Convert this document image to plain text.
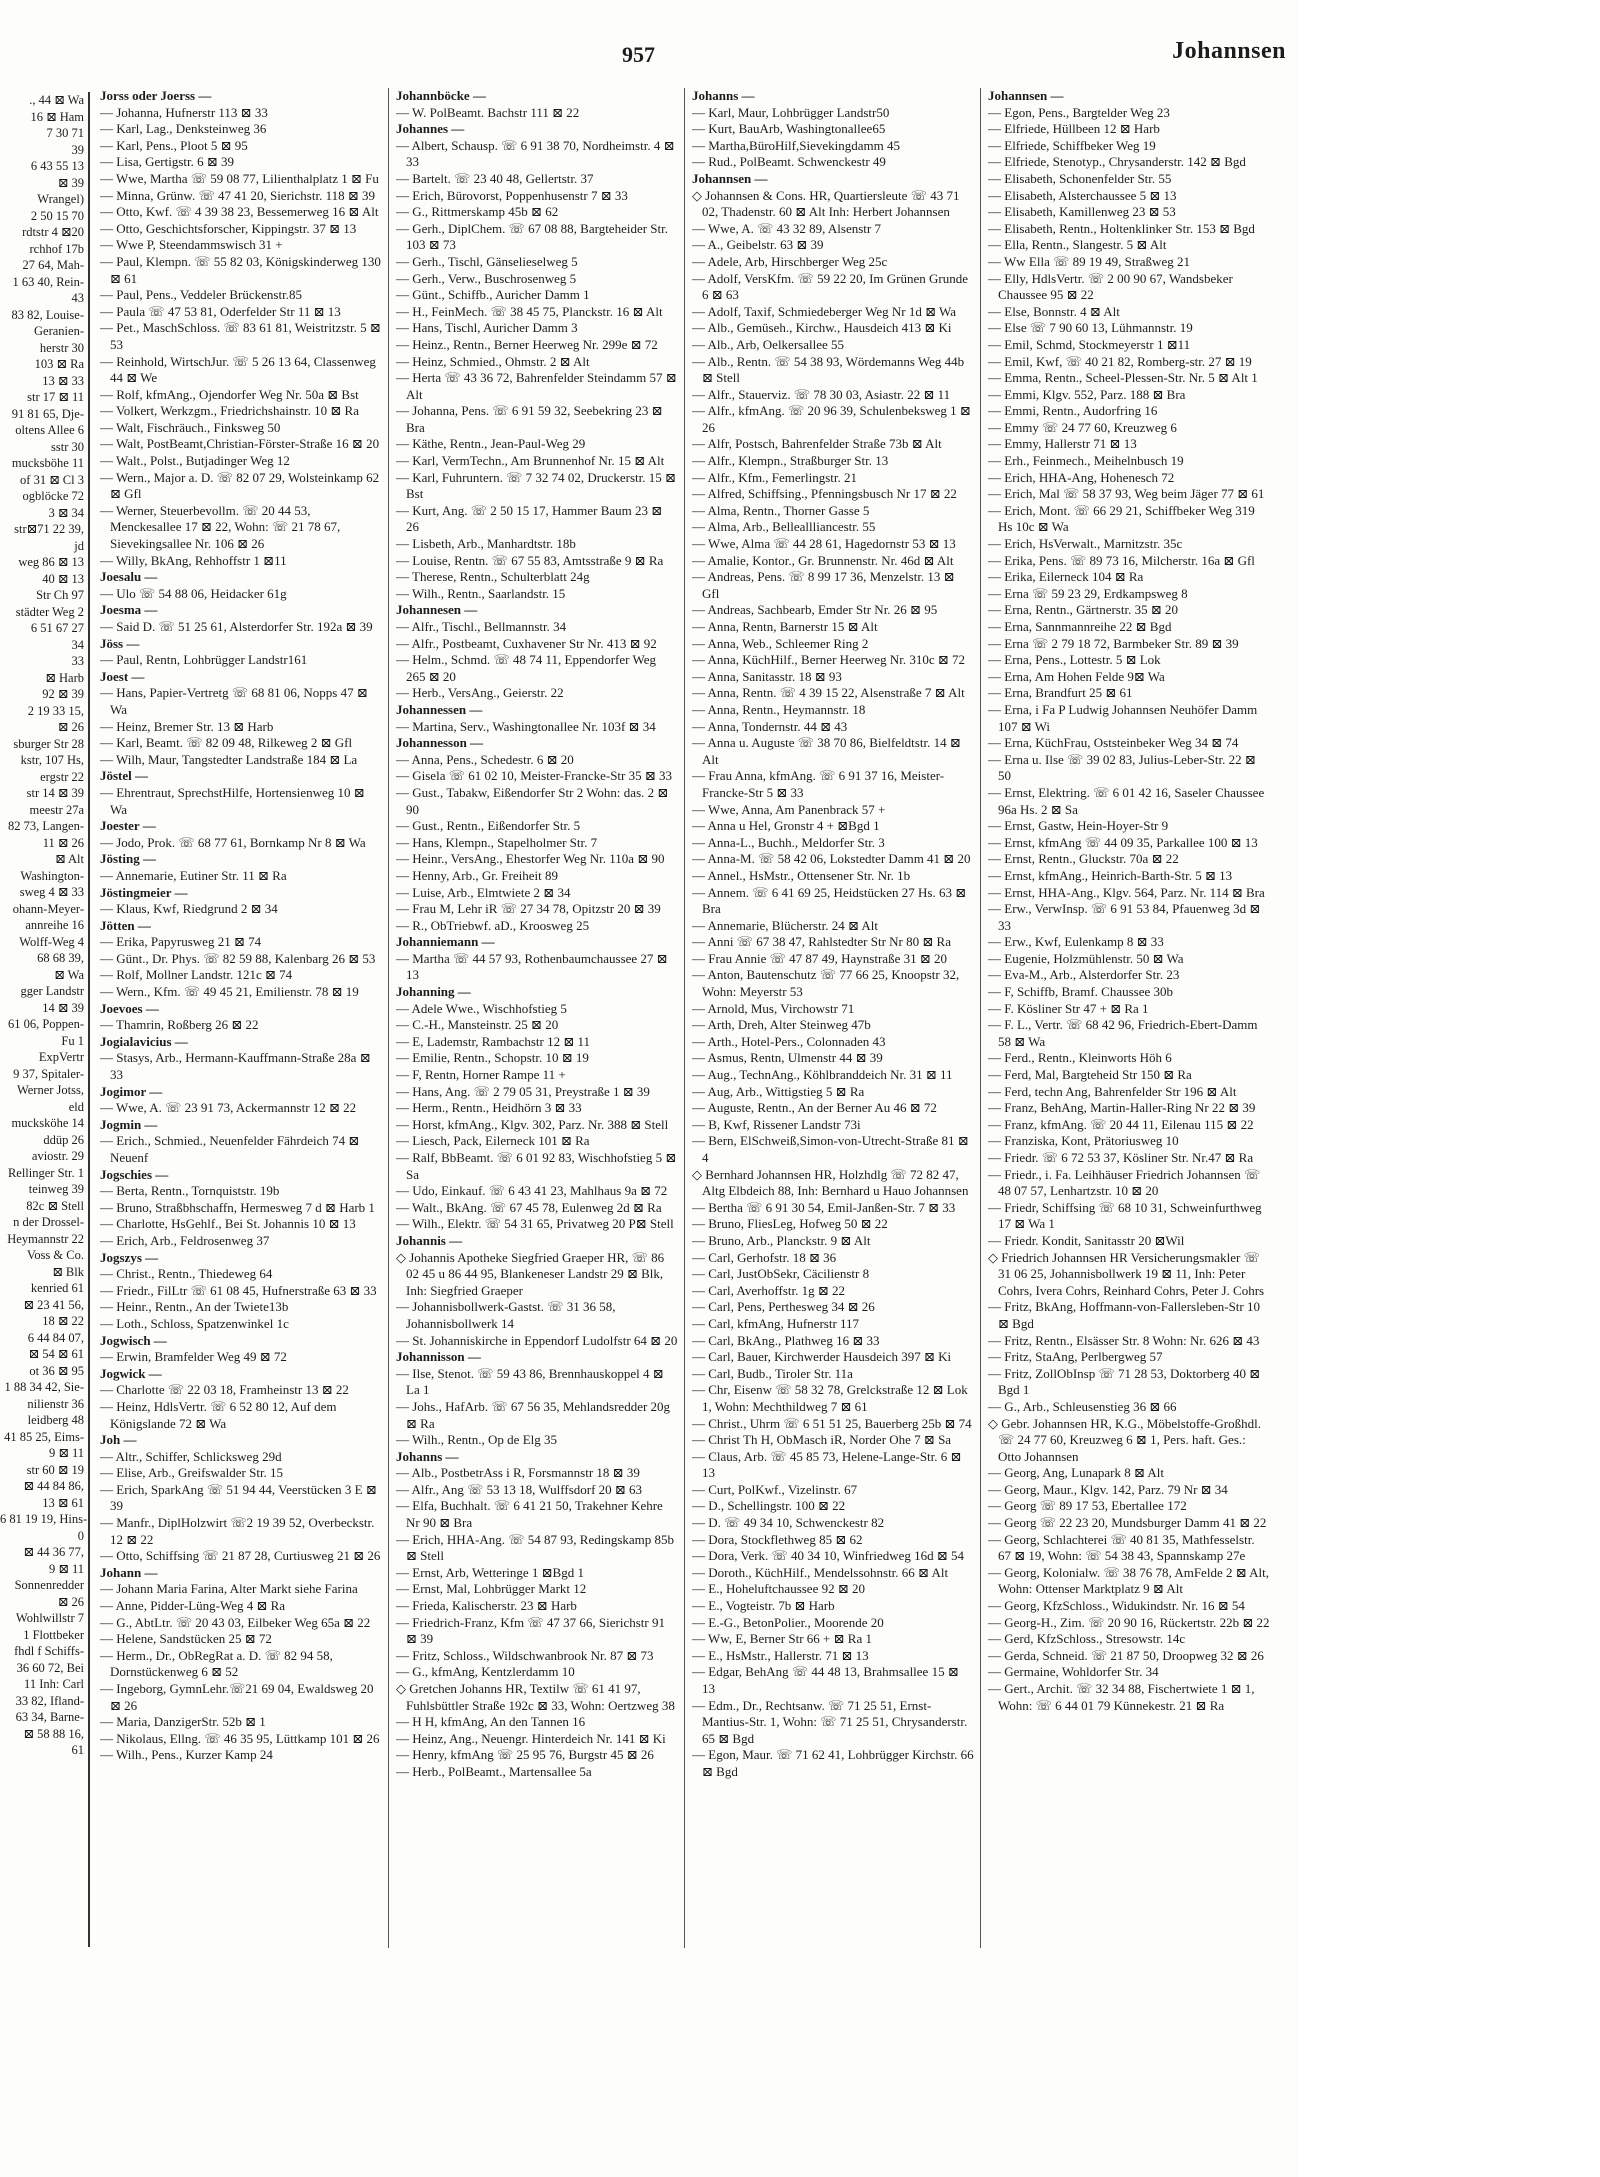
., 44 ⊠ Wa
16 ⊠ Ham
7 30 71
39
6 43 55 13
⊠ 39
Wrangel)
2 50 15 70
rdtstr 4 ⊠20
rchhof 17b
27 64, Mah-
1 63 40, Rein-
43
83 82, Louise-
Geranien-
herstr 30
103 ⊠ Ra
13 ⊠ 33
str 17 ⊠ 11
91 81 65, Dje-
oltens Allee 6
sstr 30
mucksböhe 11
of 31 ⊠ Cl 3
ogblöcke 72
3 ⊠ 34
str⊠71 22 39,
jd
weg 86 ⊠ 13
40 ⊠ 13
Str Ch 97
städter Weg 2
6 51 67 27
34
33
⊠ Harb
92 ⊠ 39
2 19 33 15,
⊠ 26
sburger Str 28
kstr, 107 Hs,
ergstr 22
str 14 ⊠ 39
meestr 27a
82 73, Langen-
11 ⊠ 26
⊠ Alt
Washington-
sweg 4 ⊠ 33
ohann-Meyer-
annreihe 16
Wolff-Weg 4
68 68 39,
⊠ Wa
gger Landstr
14 ⊠ 39
61 06, Poppen-
Fu 1
ExpVertr
9 37, Spitaler-
Werner Jotss,
eld
mucksköhe 14
ddüp 26
aviostr. 29
Rellinger Str. 1
teinweg 39
82c ⊠ Stell
n der Drossel-
Heymannstr 22
Voss & Co.
⊠ Blk
kenried 61
⊠ 23 41 56,
18 ⊠ 22
6 44 84 07,
⊠ 54 ⊠ 61
ot 36 ⊠ 95
1 88 34 42, Sie-
nilienstr 36
leidberg 48
41 85 25, Eims-
9 ⊠ 11
str 60 ⊠ 19
⊠ 44 84 86,
13 ⊠ 61
6 81 19 19, Hins-
0
⊠ 44 36 77,
9 ⊠ 11
Sonnenredder
⊠ 26
Wohlwillstr 7
1 Flottbeker
fhdl f Schiffs-
36 60 72, Bei
11 Inh: Carl
33 82, Ifland-
63 34, Barne-
⊠ 58 88 16,
61
957	Johannsen

Jorss oder Joerss —

— Johanna, Hufnerstr 113 ⊠ 33

— Karl, Lag., Denksteinweg 36

— Karl, Pens., Ploot 5 ⊠ 95

— Lisa, Gertigstr. 6 ⊠ 39

— Wwe, Martha ☏ 59 08 77, Lilienthalplatz 1 ⊠ Fu

— Minna, Grünw. ☏ 47 41 20, Sierichstr. 118 ⊠ 39

— Otto, Kwf. ☏ 4 39 38 23, Bessemerweg 16 ⊠ Alt

— Otto, Geschichtsforscher, Kippingstr. 37 ⊠ 13

— Wwe P, Steendammswisch 31 +

— Paul, Klempn. ☏ 55 82 03, Königskinderweg 130 ⊠ 61

— Paul, Pens., Veddeler Brückenstr.85

— Paula ☏ 47 53 81, Oderfelder Str 11 ⊠ 13

— Pet., MaschSchloss. ☏ 83 61 81, Weistritzstr. 5 ⊠ 53

— Reinhold, WirtschJur. ☏ 5 26 13 64, Classenweg 44 ⊠ We

— Rolf, kfmAng., Ojendorfer Weg Nr. 50a ⊠ Bst

— Volkert, Werkzgm., Friedrichshainstr. 10 ⊠ Ra

— Walt, Fischräuch., Finksweg 50

— Walt, PostBeamt,Christian-Förster-Straße 16 ⊠ 20

— Walt., Polst., Butjadinger Weg 12

— Wern., Major a. D. ☏ 82 07 29, Wolsteinkamp 62 ⊠ Gfl

— Werner, Steuerbevollm. ☏ 20 44 53, Menckesallee 17 ⊠ 22, Wohn: ☏ 21 78 67, Sievekingsallee Nr. 106 ⊠ 26

— Willy, BkAng, Rehhoffstr 1 ⊠11

Joesalu —

— Ulo ☏ 54 88 06, Heidacker 61g

Joesma —

— Said D. ☏ 51 25 61, Alsterdorfer Str. 192a ⊠ 39

Jöss —

— Paul, Rentn, Lohbrügger Landstr161

Joest —

— Hans, Papier-Vertretg ☏ 68 81 06, Nopps 47 ⊠ Wa

— Heinz, Bremer Str. 13 ⊠ Harb

— Karl, Beamt. ☏ 82 09 48, Rilkeweg 2 ⊠ Gfl

— Wilh, Maur, Tangstedter Landstraße 184 ⊠ La

Jöstel —

— Ehrentraut, SprechstHilfe, Hortensienweg 10 ⊠ Wa

Joester —

— Jodo, Prok. ☏ 68 77 61, Bornkamp Nr 8 ⊠ Wa

Jösting —

— Annemarie, Eutiner Str. 11 ⊠ Ra

Jöstingmeier —

— Klaus, Kwf, Riedgrund 2 ⊠ 34

Jötten —

— Erika, Papyrusweg 21 ⊠ 74

— Günt., Dr. Phys. ☏ 82 59 88, Kalenbarg 26 ⊠ 53

— Rolf, Mollner Landstr. 121c ⊠ 74

— Wern., Kfm. ☏ 49 45 21, Emilienstr. 78 ⊠ 19

Joevoes —

— Thamrin, Roßberg 26 ⊠ 22

Jogialavicius —

— Stasys, Arb., Hermann-Kauffmann-Straße 28a ⊠ 33

Jogimor —

— Wwe, A. ☏ 23 91 73, Ackermannstr 12 ⊠ 22

Jogmin —

— Erich., Schmied., Neuenfelder Fährdeich 74 ⊠ Neuenf

Jogschies —

— Berta, Rentn., Tornquiststr. 19b

— Bruno, Straßbhschaffn, Hermesweg 7 d ⊠ Harb 1

— Charlotte, HsGehlf., Bei St. Johannis 10 ⊠ 13

— Erich, Arb., Feldrosenweg 37

Jogszys —

— Christ., Rentn., Thiedeweg 64

— Friedr., FilLtr ☏ 61 08 45, Hufnerstraße 63 ⊠ 33

— Heinr., Rentn., An der Twiete13b

— Loth., Schloss, Spatzenwinkel 1c

Jogwisch —

— Erwin, Bramfelder Weg 49 ⊠ 72

Jogwick —

— Charlotte ☏ 22 03 18, Framheinstr 13 ⊠ 22

— Heinz, HdlsVertr. ☏ 6 52 80 12, Auf dem Königslande 72 ⊠ Wa

Joh —

— Altr., Schiffer, Schlicksweg 29d

— Elise, Arb., Greifswalder Str. 15

— Erich, SparkAng ☏ 51 94 44, Veerstücken 3 E ⊠ 39

— Manfr., DiplHolzwirt ☏2 19 39 52, Overbeckstr. 12 ⊠ 22

— Otto, Schiffsing ☏ 21 87 28, Curtiusweg 21 ⊠ 26

Johann —

— Johann Maria Farina, Alter Markt siehe Farina

— Anne, Pidder-Lüng-Weg 4 ⊠ Ra

— G., AbtLtr. ☏ 20 43 03, Eilbeker Weg 65a ⊠ 22

— Helene, Sandstücken 25 ⊠ 72

— Herm., Dr., ObRegRat a. D. ☏ 82 94 58, Dornstückenweg 6 ⊠ 52

— Ingeborg, GymnLehr.☏21 69 04, Ewaldsweg 20 ⊠ 26

— Maria, DanzigerStr. 52b ⊠ 1

— Nikolaus, Ellng. ☏ 46 35 95, Lüttkamp 101 ⊠ 26

— Wilh., Pens., Kurzer Kamp 24

Johannböcke —

— W. PolBeamt. Bachstr 111 ⊠ 22

Johannes —

— Albert, Schausp. ☏ 6 91 38 70, Nordheimstr. 4 ⊠ 33

— Bartelt. ☏ 23 40 48, Gellertstr. 37

— Erich, Bürovorst, Poppenhusenstr 7 ⊠ 33

— G., Rittmerskamp 45b ⊠ 62

— Gerh., DiplChem. ☏ 67 08 88, Bargteheider Str. 103 ⊠ 73

— Gerh., Tischl, Gänselieselweg 5

— Gerh., Verw., Buschrosenweg 5

— Günt., Schiffb., Auricher Damm 1

— H., FeinMech. ☏ 38 45 75, Planckstr. 16 ⊠ Alt

— Hans, Tischl, Auricher Damm 3

— Heinz., Rentn., Berner Heerweg Nr. 299e ⊠ 72

— Heinz, Schmied., Ohmstr. 2 ⊠ Alt

— Herta ☏ 43 36 72, Bahrenfelder Steindamm 57 ⊠ Alt

— Johanna, Pens. ☏ 6 91 59 32, Seebekring 23 ⊠ Bra

— Käthe, Rentn., Jean-Paul-Weg 29

— Karl, VermTechn., Am Brunnenhof Nr. 15 ⊠ Alt

— Karl, Fuhruntern. ☏ 7 32 74 02, Druckerstr. 15 ⊠ Bst

— Kurt, Ang. ☏ 2 50 15 17, Hammer Baum 23 ⊠ 26

— Lisbeth, Arb., Manhardtstr. 18b

— Louise, Rentn. ☏ 67 55 83, Amtsstraße 9 ⊠ Ra

— Therese, Rentn., Schulterblatt 24g

— Wilh., Rentn., Saarlandstr. 15

Johannesen —

— Alfr., Tischl., Bellmannstr. 34

— Alfr., Postbeamt, Cuxhavener Str Nr. 413 ⊠ 92

— Helm., Schmd. ☏ 48 74 11, Eppendorfer Weg 265 ⊠ 20

— Herb., VersAng., Geierstr. 22

Johannessen —

— Martina, Serv., Washingtonallee Nr. 103f ⊠ 34

Johannesson —

— Anna, Pens., Schedestr. 6 ⊠ 20

— Gisela ☏ 61 02 10, Meister-Francke-Str 35 ⊠ 33

— Gust., Tabakw, Eißendorfer Str 2 Wohn: das. 2 ⊠ 90

— Gust., Rentn., Eißendorfer Str. 5

— Hans, Klempn., Stapelholmer Str. 7

— Heinr., VersAng., Ehestorfer Weg Nr. 110a ⊠ 90

— Henny, Arb., Gr. Freiheit 89

— Luise, Arb., Elmtwiete 2 ⊠ 34

— Frau M, Lehr iR ☏ 27 34 78, Opitzstr 20 ⊠ 39

— R., ObTriebwf. aD., Kroosweg 25

Johanniemann —

— Martha ☏ 44 57 93, Rothenbaumchaussee 27 ⊠ 13

Johanning —

— Adele Wwe., Wischhofstieg 5

— C.-H., Mansteinstr. 25 ⊠ 20

— E, Lademstr, Rambachstr 12 ⊠ 11

— Emilie, Rentn., Schopstr. 10 ⊠ 19

— F, Rentn, Horner Rampe 11 +

— Hans, Ang. ☏ 2 79 05 31, Preystraße 1 ⊠ 39

— Herm., Rentn., Heidhörn 3 ⊠ 33

— Horst, kfmAng., Klgv. 302, Parz. Nr. 388 ⊠ Stell

— Liesch, Pack, Eilerneck 101 ⊠ Ra

— Ralf, BbBeamt. ☏ 6 01 92 83, Wischhofstieg 5 ⊠ Sa

— Udo, Einkauf. ☏ 6 43 41 23, Mahlhaus 9a ⊠ 72

— Walt., BkAng. ☏ 67 45 78, Eulenweg 2d ⊠ Ra

— Wilh., Elektr. ☏ 54 31 65, Privatweg 20 P⊠ Stell

Johannis —

◇ Johannis Apotheke Siegfried Graeper HR, ☏ 86 02 45 u 86 44 95, Blankeneser Landstr 29 ⊠ Blk, Inh: Siegfried Graeper

— Johannisbollwerk-Gastst. ☏ 31 36 58, Johannisbollwerk 14

— St. Johanniskirche in Eppendorf Ludolfstr 64 ⊠ 20

Johannisson —

— Ilse, Stenot. ☏ 59 43 86, Brennhauskoppel 4 ⊠ La 1

— Johs., HafArb. ☏ 67 56 35, Mehlandsredder 20g ⊠ Ra

— Wilh., Rentn., Op de Elg 35

Johanns —

— Alb., PostbetrAss i R, Forsmannstr 18 ⊠ 39

— Alfr., Ang ☏ 53 13 18, Wulffsdorf 20 ⊠ 63

— Elfa, Buchhalt. ☏ 6 41 21 50, Trakehner Kehre Nr 90 ⊠ Bra

— Erich, HHA-Ang. ☏ 54 87 93, Redingskamp 85b ⊠ Stell

— Ernst, Arb, Wetteringe 1 ⊠Bgd 1

— Ernst, Mal, Lohbrügger Markt 12

— Frieda, Kalischerstr. 23 ⊠ Harb

— Friedrich-Franz, Kfm ☏ 47 37 66, Sierichstr 91 ⊠ 39

— Fritz, Schloss., Wildschwanbrook Nr. 87 ⊠ 73

— G., kfmAng, Kentzlerdamm 10

◇ Gretchen Johanns HR, Textilw ☏ 61 41 97, Fuhlsbüttler Straße 192c ⊠ 33, Wohn: Oertzweg 38

— H H, kfmAng, An den Tannen 16

— Heinz, Ang., Neuengr. Hinterdeich Nr. 141 ⊠ Ki

— Henry, kfmAng ☏ 25 95 76, Burgstr 45 ⊠ 26

— Herb., PolBeamt., Martensallee 5a

Johanns —

— Karl, Maur, Lohbrügger Landstr50

— Kurt, BauArb, Washingtonallee65

— Martha,BüroHilf,Sievekingdamm 45

— Rud., PolBeamt. Schwenckestr 49

Johannsen —

◇ Johannsen & Cons. HR, Quartiersleute ☏ 43 71 02, Thadenstr. 60 ⊠ Alt Inh: Herbert Johannsen

— Wwe, A. ☏ 43 32 89, Alsenstr 7

— A., Geibelstr. 63 ⊠ 39

— Adele, Arb, Hirschberger Weg 25c

— Adolf, VersKfm. ☏ 59 22 20, Im Grünen Grunde 6 ⊠ 63

— Adolf, Taxif, Schmiedeberger Weg Nr 1d ⊠ Wa

— Alb., Gemüseh., Kirchw., Hausdeich 413 ⊠ Ki

— Alb., Arb, Oelkersallee 55

— Alb., Rentn. ☏ 54 38 93, Wördemanns Weg 44b ⊠ Stell

— Alfr., Stauerviz. ☏ 78 30 03, Asiastr. 22 ⊠ 11

— Alfr., kfmAng. ☏ 20 96 39, Schulenbeksweg 1 ⊠ 26

— Alfr, Postsch, Bahrenfelder Straße 73b ⊠ Alt

— Alfr., Klempn., Straßburger Str. 13

— Alfr., Kfm., Femerlingstr. 21

— Alfred, Schiffsing., Pfenningsbusch Nr 17 ⊠ 22

— Alma, Rentn., Thorner Gasse 5

— Alma, Arb., Belleallliancestr. 55

— Wwe, Alma ☏ 44 28 61, Hagedornstr 53 ⊠ 13

— Amalie, Kontor., Gr. Brunnenstr. Nr. 46d ⊠ Alt

— Andreas, Pens. ☏ 8 99 17 36, Menzelstr. 13 ⊠ Gfl

— Andreas, Sachbearb, Emder Str Nr. 26 ⊠ 95

— Anna, Rentn, Barnerstr 15 ⊠ Alt

— Anna, Web., Schleemer Ring 2

— Anna, KüchHilf., Berner Heerweg Nr. 310c ⊠ 72

— Anna, Sanitasstr. 18 ⊠ 93

— Anna, Rentn. ☏ 4 39 15 22, Alsenstraße 7 ⊠ Alt

— Anna, Rentn., Heymannstr. 18

— Anna, Tondernstr. 44 ⊠ 43

— Anna u. Auguste ☏ 38 70 86, Bielfeldtstr. 14 ⊠ Alt

— Frau Anna, kfmAng. ☏ 6 91 37 16, Meister-Francke-Str 5 ⊠ 33

— Wwe, Anna, Am Panenbrack 57 +

— Anna u Hel, Gronstr 4 + ⊠Bgd 1

— Anna-L., Buchh., Meldorfer Str. 3

— Anna-M. ☏ 58 42 06, Lokstedter Damm 41 ⊠ 20

— Annel., HsMstr., Ottensener Str. Nr. 1b

— Annem. ☏ 6 41 69 25, Heidstücken 27 Hs. 63 ⊠ Bra

— Annemarie, Blücherstr. 24 ⊠ Alt

— Anni ☏ 67 38 47, Rahlstedter Str Nr 80 ⊠ Ra

— Frau Annie ☏ 47 87 49, Haynstraße 31 ⊠ 20

— Anton, Bautenschutz ☏ 77 66 25, Knoopstr 32, Wohn: Meyerstr 53

— Arnold, Mus, Virchowstr 71

— Arth, Dreh, Alter Steinweg 47b

— Arth., Hotel-Pers., Colonnaden 43

— Asmus, Rentn, Ulmenstr 44 ⊠ 39

— Aug., TechnAng., Köhlbranddeich Nr. 31 ⊠ 11

— Aug, Arb., Wittigstieg 5 ⊠ Ra

— Auguste, Rentn., An der Berner Au 46 ⊠ 72

— B, Kwf, Rissener Landstr 73i

— Bern, ElSchweiß,Simon-von-Utrecht-Straße 81 ⊠ 4

◇ Bernhard Johannsen HR, Holzhdlg ☏ 72 82 47, Altg Elbdeich 88, Inh: Bernhard u Hauo Johannsen

— Bertha ☏ 6 91 30 54, Emil-Janßen-Str. 7 ⊠ 33

— Bruno, FliesLeg, Hofweg 50 ⊠ 22

— Bruno, Arb., Planckstr. 9 ⊠ Alt

— Carl, Gerhofstr. 18 ⊠ 36

— Carl, JustObSekr, Cäcilienstr 8

— Carl, Averhoffstr. 1g ⊠ 22

— Carl, Pens, Perthesweg 34 ⊠ 26

— Carl, kfmAng, Hufnerstr 117

— Carl, BkAng., Plathweg 16 ⊠ 33

— Carl, Bauer, Kirchwerder Hausdeich 397 ⊠ Ki

— Carl, Budb., Tiroler Str. 11a

— Chr, Eisenw ☏ 58 32 78, Grelckstraße 12 ⊠ Lok 1, Wohn: Mechthildweg 7 ⊠ 61

— Christ., Uhrm ☏ 6 51 51 25, Bauerberg 25b ⊠ 74

— Christ Th H, ObMasch iR, Norder Ohe 7 ⊠ Sa

— Claus, Arb. ☏ 45 85 73, Helene-Lange-Str. 6 ⊠ 13

— Curt, PolKwf., Vizelinstr. 67

— D., Schellingstr. 100 ⊠ 22

— D. ☏ 49 34 10, Schwenckestr 82

— Dora, Stockflethweg 85 ⊠ 62

— Dora, Verk. ☏ 40 34 10, Winfriedweg 16d ⊠ 54

— Doroth., KüchHilf., Mendelssohnstr. 66 ⊠ Alt

— E., Hoheluftchaussee 92 ⊠ 20

— E., Vogteistr. 7b ⊠ Harb

— E.-G., BetonPolier., Moorende 20

— Ww, E, Berner Str 66 + ⊠ Ra 1

— E., HsMstr., Hallerstr. 71 ⊠ 13

— Edgar, BehAng ☏ 44 48 13, Brahmsallee 15 ⊠ 13

— Edm., Dr., Rechtsanw. ☏ 71 25 51, Ernst-Mantius-Str. 1, Wohn: ☏ 71 25 51, Chrysanderstr. 65 ⊠ Bgd

— Egon, Maur. ☏ 71 62 41, Lohbrügger Kirchstr. 66 ⊠ Bgd

Johannsen —

— Egon, Pens., Bargtelder Weg 23

— Elfriede, Hüllbeen 12 ⊠ Harb

— Elfriede, Schiffbeker Weg 19

— Elfriede, Stenotyp., Chrysanderstr. 142 ⊠ Bgd

— Elisabeth, Schonenfelder Str. 55

— Elisabeth, Alsterchaussee 5 ⊠ 13

— Elisabeth, Kamillenweg 23 ⊠ 53

— Elisabeth, Rentn., Holtenklinker Str. 153 ⊠ Bgd

— Ella, Rentn., Slangestr. 5 ⊠ Alt

— Ww Ella ☏ 89 19 49, Straßweg 21

— Elly, HdlsVertr. ☏ 2 00 90 67, Wandsbeker Chaussee 95 ⊠ 22

— Else, Bonnstr. 4 ⊠ Alt

— Else ☏ 7 90 60 13, Lühmannstr. 19

— Emil, Schmd, Stockmeyerstr 1 ⊠11

— Emil, Kwf, ☏ 40 21 82, Romberg-str. 27 ⊠ 19

— Emma, Rentn., Scheel-Plessen-Str. Nr. 5 ⊠ Alt 1

— Emmi, Klgv. 552, Parz. 188 ⊠ Bra

— Emmi, Rentn., Audorfring 16

— Emmy ☏ 24 77 60, Kreuzweg 6

— Emmy, Hallerstr 71 ⊠ 13

— Erh., Feinmech., Meihelnbusch 19

— Erich, HHA-Ang, Hohenesch 72

— Erich, Mal ☏ 58 37 93, Weg beim Jäger 77 ⊠ 61

— Erich, Mont. ☏ 66 29 21, Schiffbeker Weg 319 Hs 10c ⊠ Wa

— Erich, HsVerwalt., Marnitzstr. 35c

— Erika, Pens. ☏ 89 73 16, Milcherstr. 16a ⊠ Gfl

— Erika, Eilerneck 104 ⊠ Ra

— Erna ☏ 59 23 29, Erdkampsweg 8

— Erna, Rentn., Gärtnerstr. 35 ⊠ 20

— Erna, Sannmannreihe 22 ⊠ Bgd

— Erna ☏ 2 79 18 72, Barmbeker Str. 89 ⊠ 39

— Erna, Pens., Lottestr. 5 ⊠ Lok

— Erna, Am Hohen Felde 9⊠ Wa

— Erna, Brandfurt 25 ⊠ 61

— Erna, i Fa P Ludwig Johannsen Neuhöfer Damm 107 ⊠ Wi

— Erna, KüchFrau, Oststeinbeker Weg 34 ⊠ 74

— Erna u. Ilse ☏ 39 02 83, Julius-Leber-Str. 22 ⊠ 50

— Ernst, Elektring. ☏ 6 01 42 16, Saseler Chaussee 96a Hs. 2 ⊠ Sa

— Ernst, Gastw, Hein-Hoyer-Str 9

— Ernst, kfmAng ☏ 44 09 35, Parkallee 100 ⊠ 13

— Ernst, Rentn., Gluckstr. 70a ⊠ 22

— Ernst, kfmAng., Heinrich-Barth-Str. 5 ⊠ 13

— Ernst, HHA-Ang., Klgv. 564, Parz. Nr. 114 ⊠ Bra

— Erw., VerwInsp. ☏ 6 91 53 84, Pfauenweg 3d ⊠ 33

— Erw., Kwf, Eulenkamp 8 ⊠ 33

— Eugenie, Holzmühlenstr. 50 ⊠ Wa

— Eva-M., Arb., Alsterdorfer Str. 23

— F, Schiffb, Bramf. Chaussee 30b

— F. Kösliner Str 47 + ⊠ Ra 1

— F. L., Vertr. ☏ 68 42 96, Friedrich-Ebert-Damm 58 ⊠ Wa

— Ferd., Rentn., Kleinworts Höh 6

— Ferd, Mal, Bargteheid Str 150 ⊠ Ra

— Ferd, techn Ang, Bahrenfelder Str 196 ⊠ Alt

— Franz, BehAng, Martin-Haller-Ring Nr 22 ⊠ 39

— Franz, kfmAng. ☏ 20 44 11, Eilenau 115 ⊠ 22

— Franziska, Kont, Prätoriusweg 10

— Friedr. ☏ 6 72 53 37, Kösliner Str. Nr.47 ⊠ Ra

— Friedr., i. Fa. Leihhäuser Friedrich Johannsen ☏ 48 07 57, Lenhartzstr. 10 ⊠ 20

— Friedr, Schiffsing ☏ 68 10 31, Schweinfurthweg 17 ⊠ Wa 1

— Friedr. Kondit, Sanitasstr 20 ⊠Wil

◇ Friedrich Johannsen HR Versicherungsmakler ☏ 31 06 25, Johannisbollwerk 19 ⊠ 11, Inh: Peter Cohrs, Ivera Cohrs, Reinhard Cohrs, Peter J. Cohrs

— Fritz, BkAng, Hoffmann-von-Fallersleben-Str 10 ⊠ Bgd

— Fritz, Rentn., Elsässer Str. 8 Wohn: Nr. 626 ⊠ 43

— Fritz, StaAng, Perlbergweg 57

— Fritz, ZollObInsp ☏ 71 28 53, Doktorberg 40 ⊠ Bgd 1

— G., Arb., Schleusenstieg 36 ⊠ 66

◇ Gebr. Johannsen HR, K.G., Möbelstoffe-Großhdl. ☏ 24 77 60, Kreuzweg 6 ⊠ 1, Pers. haft. Ges.: Otto Johannsen

— Georg, Ang, Lunapark 8 ⊠ Alt

— Georg, Maur., Klgv. 142, Parz. 79 Nr ⊠ 34

— Georg ☏ 89 17 53, Ebertallee 172

— Georg ☏ 22 23 20, Mundsburger Damm 41 ⊠ 22

— Georg, Schlachterei ☏ 40 81 35, Mathfesselstr. 67 ⊠ 19, Wohn: ☏ 54 38 43, Spannskamp 27e

— Georg, Kolonialw. ☏ 38 76 78, AmFelde 2 ⊠ Alt, Wohn: Ottenser Marktplatz 9 ⊠ Alt

— Georg, KfzSchloss., Widukindstr. Nr. 16 ⊠ 54

— Georg-H., Zim. ☏ 20 90 16, Rückertstr. 22b ⊠ 22

— Gerd, KfzSchloss., Stresowstr. 14c

— Gerda, Schneid. ☏ 21 87 50, Droopweg 32 ⊠ 26

— Germaine, Wohldorfer Str. 34

— Gert., Archit. ☏ 32 34 88, Fischertwiete 1 ⊠ 1, Wohn: ☏ 6 44 01 79 Künnekestr. 21 ⊠ Ra
